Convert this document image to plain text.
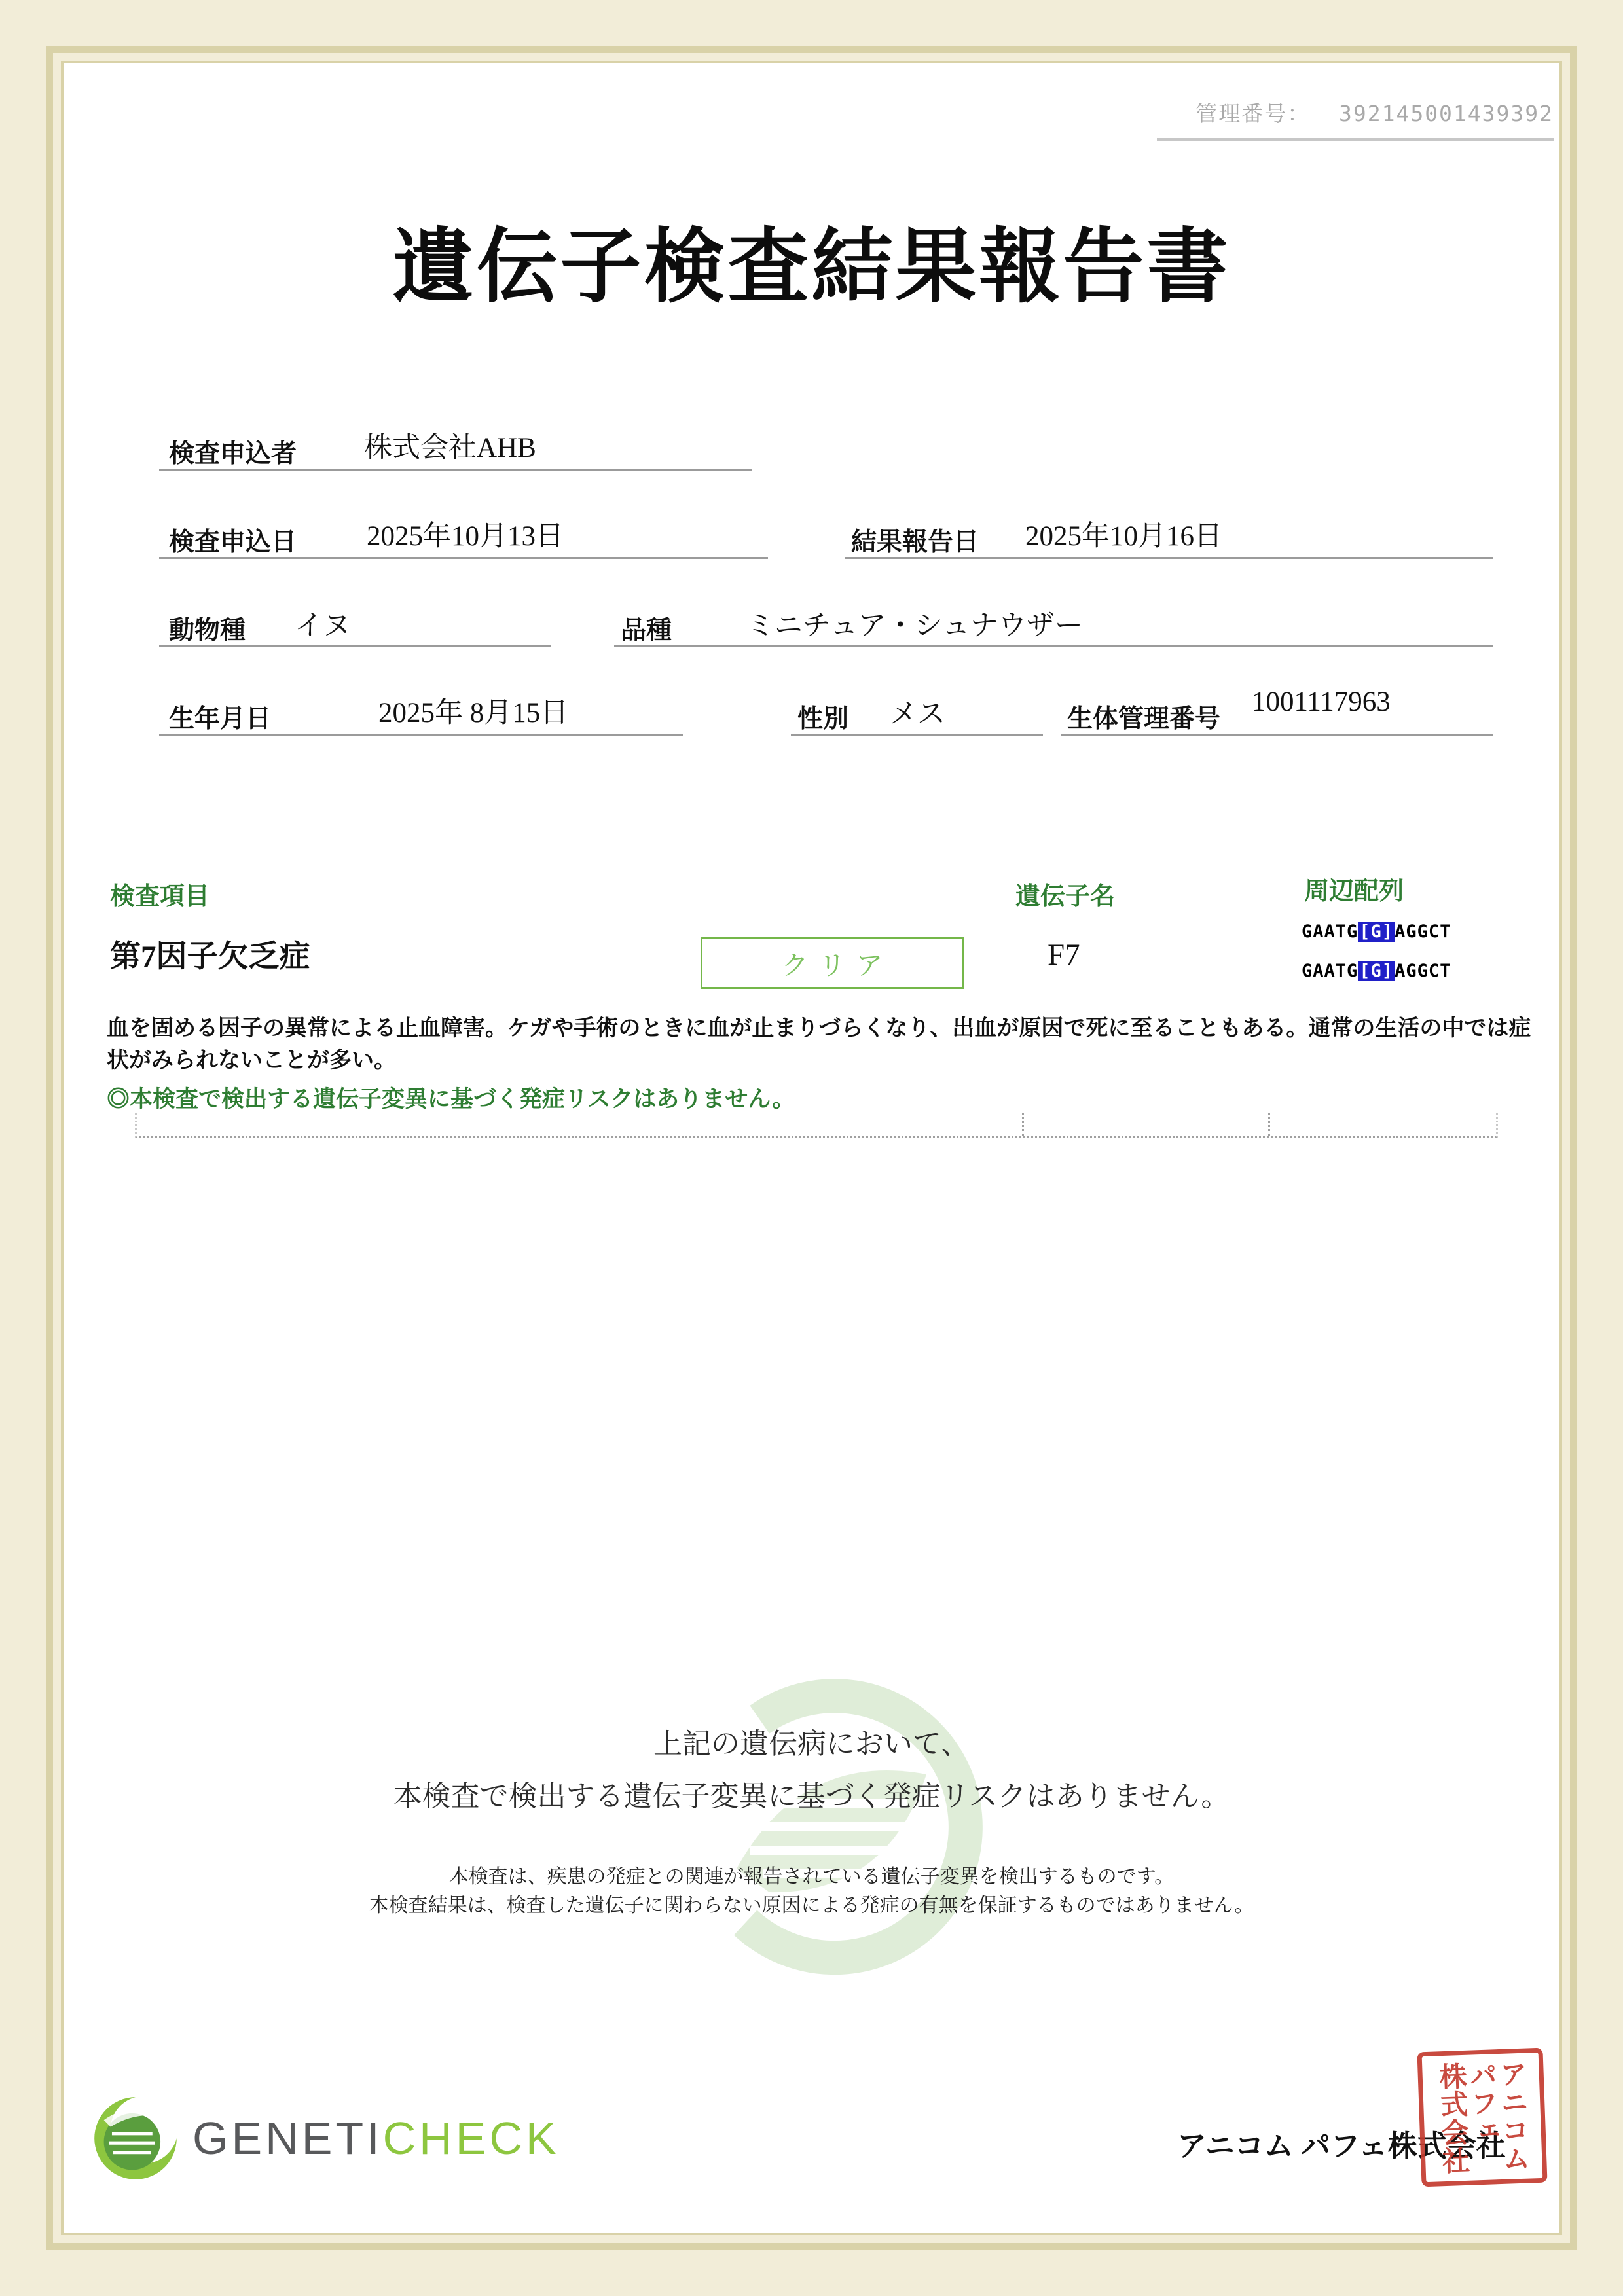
管理番号： 392145001439392
遺伝子検査結果報告書
検査申込者 株式会社AHB
検査申込日 2025年10月13日	結果報告日 2025年10月16日
動物種 イヌ	品種	ミニチュア・シュナウザー
生年月日	2025年 8月15日	性別 メス	生体管理番号
1001117963
検査項目	遺伝子名	周辺配列
第7因子欠乏症	クリア	F7
GAATG[G]AGGCT
GAATG[G]AGGCT

血を固める因子の異常による止血障害。ケガや手術のときに血が止まりづらくなり、出血が原因で死に至ることもある。通常の生活の中では症状がみられないことが多い。

◎本検査で検出する遺伝子変異に基づく発症リスクはありません。

上記の遺伝病において、

本検査で検出する遺伝子変異に基づく発症リスクはありません。

本検査は、疾患の発症との関連が報告されている遺伝子変異を検出するものです。
本検査結果は、検査した遺伝子に関わらない原因による発症の有無を保証するものではありません。

GENETICHECK	アニコム パフェ株式会社
アニコム
パフェ
株式会社
